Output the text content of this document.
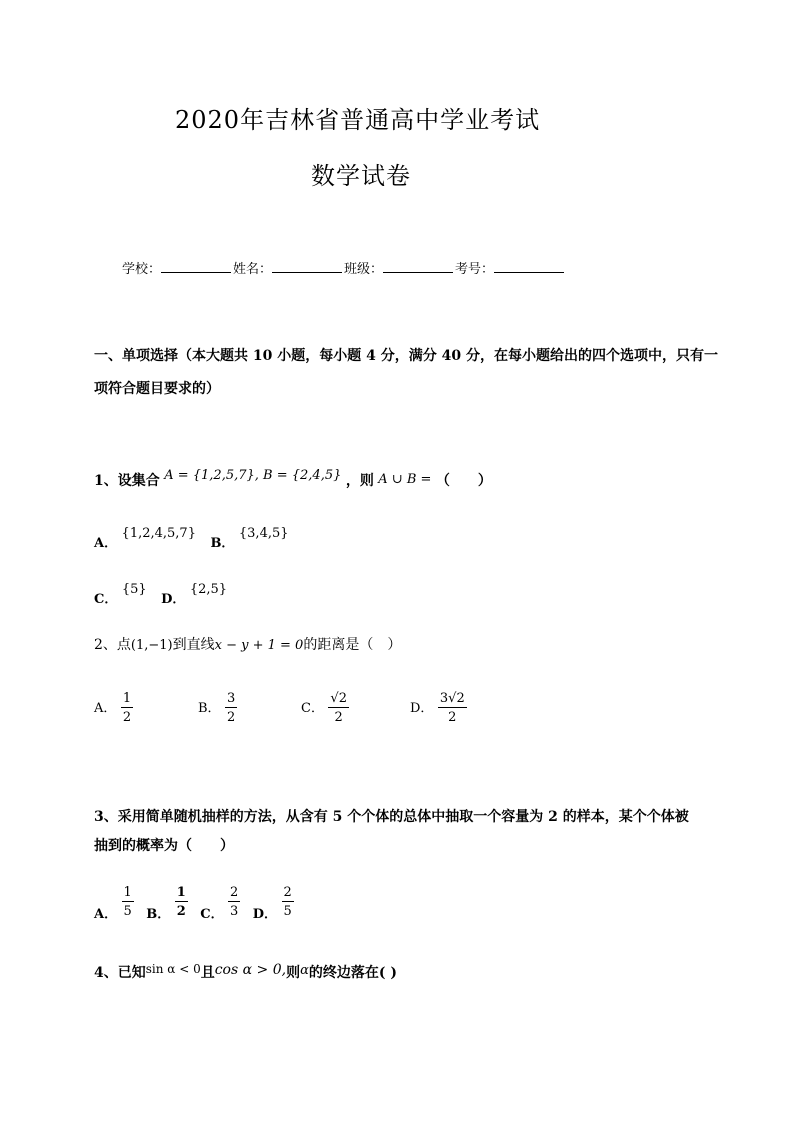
2020年吉林省普通高中学业考试
数学试卷
学校：	姓名：	班级：	考号：
一、单项选择（本大题共 10 小题，每小题 4 分，满分 40 分，在每小题给出的四个选项中，只有一
项符合题目要求的）
1、设集合 A = {1,2,5,7}, B = {2,4,5} ，则 A ∪ B = （　　）
A． {1,2,4,5,7} B． {3,4,5}
C． {5} D． {2,5}
2、点(1,−1)到直线x − y + 1 = 0的距离是（　）
A． $\frac{1}{2}$	B． $\frac{3}{2}$	C． $\frac{√2}{2}$	D． $\frac{3√2}{2}$
3、采用简单随机抽样的方法，从含有 5 个个体的总体中抽取一个容量为 2 的样本，某个个体被
抽到的概率为（　　）
A． $\frac{1}{5}$ B． $\frac{1}{2}$ C． $\frac{2}{3}$ D． $\frac{2}{5}$
4、已知sin α < 0且cos α > 0,则α的终边落在( )
